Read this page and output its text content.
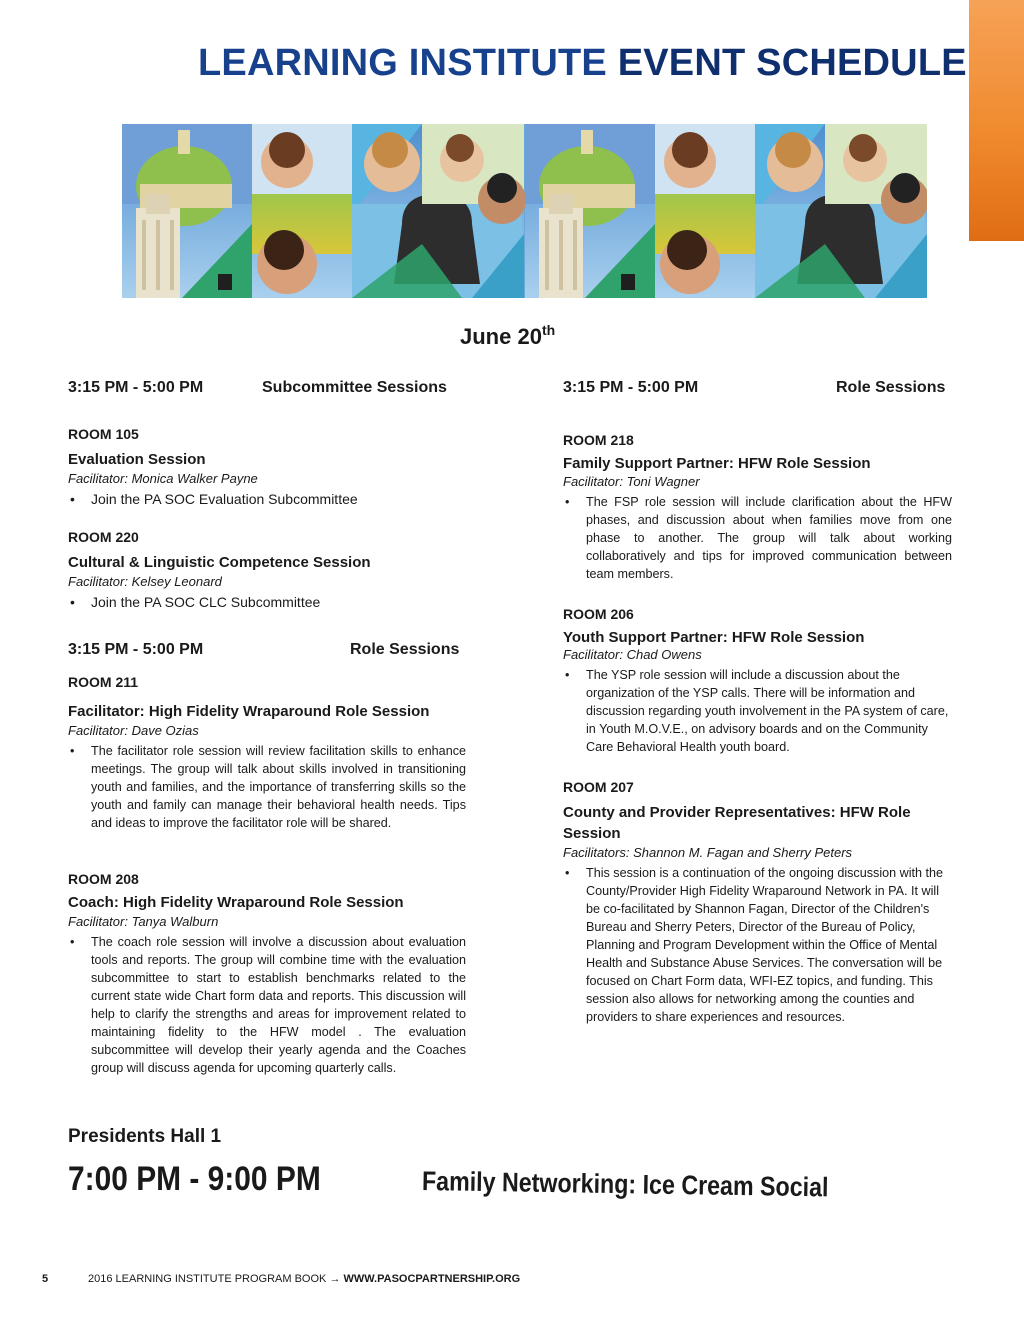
LEARNING INSTITUTE EVENT SCHEDULE
June 20th
3:15 PM - 5:00 PM	Subcommittee Sessions
ROOM 105
Evaluation Session
Facilitator: Monica Walker Payne
• Join the PA SOC Evaluation Subcommittee
ROOM 220
Cultural & Linguistic Competence Session
Facilitator: Kelsey Leonard
• Join the PA SOC CLC Subcommittee
3:15 PM - 5:00 PM	Role Sessions
ROOM 211
Facilitator: High Fidelity Wraparound Role Session
Facilitator: Dave Ozias
• The facilitator role session will review facilitation skills to enhance meetings. The group will talk about skills involved in transitioning youth and families, and the importance of transferring skills so the youth and family can manage their behavioral health needs. Tips and ideas to improve the facilitator role will be shared.
ROOM 208
Coach: High Fidelity Wraparound Role Session
Facilitator: Tanya Walburn
• The coach role session will involve a discussion about evaluation tools and reports. The group will combine time with the evaluation subcommittee to start to establish benchmarks related to the current state wide Chart form data and reports. This discussion will help to clarify the strengths and areas for improvement related to maintaining fidelity to the HFW model . The evaluation subcommittee will develop their yearly agenda and the Coaches group will discuss agenda for upcoming quarterly calls.
3:15 PM - 5:00 PM	Role Sessions
ROOM 218
Family Support Partner: HFW Role Session
Facilitator: Toni Wagner
• The FSP role session will include clarification about the HFW phases, and discussion about when families move from one phase to another. The group will talk about working collaboratively and tips for improved communication between team members.
ROOM 206
Youth Support Partner: HFW Role Session
Facilitator: Chad Owens
• The YSP role session will include a discussion about the organization of the YSP calls. There will be information and discussion regarding youth involvement in the PA system of care, in Youth M.O.V.E., on advisory boards and on the Community Care Behavioral Health youth board.
ROOM 207
County and Provider Representatives: HFW Role Session
Facilitators: Shannon M. Fagan and Sherry Peters
• This session is a continuation of the ongoing discussion with the County/Provider High Fidelity Wraparound Network in PA. It will be co-facilitated by Shannon Fagan, Director of the Children's Bureau and Sherry Peters, Director of the Bureau of Policy, Planning and Program Development within the Office of Mental Health and Substance Abuse Services. The conversation will be focused on Chart Form data, WFI-EZ topics, and funding. This session also allows for networking among the counties and providers to share experiences and resources.
Presidents Hall 1
7:00 PM - 9:00 PM	Family Networking: Ice Cream Social
5	2016 LEARNING INSTITUTE PROGRAM BOOK → WWW.PASOCPARTNERSHIP.ORG
